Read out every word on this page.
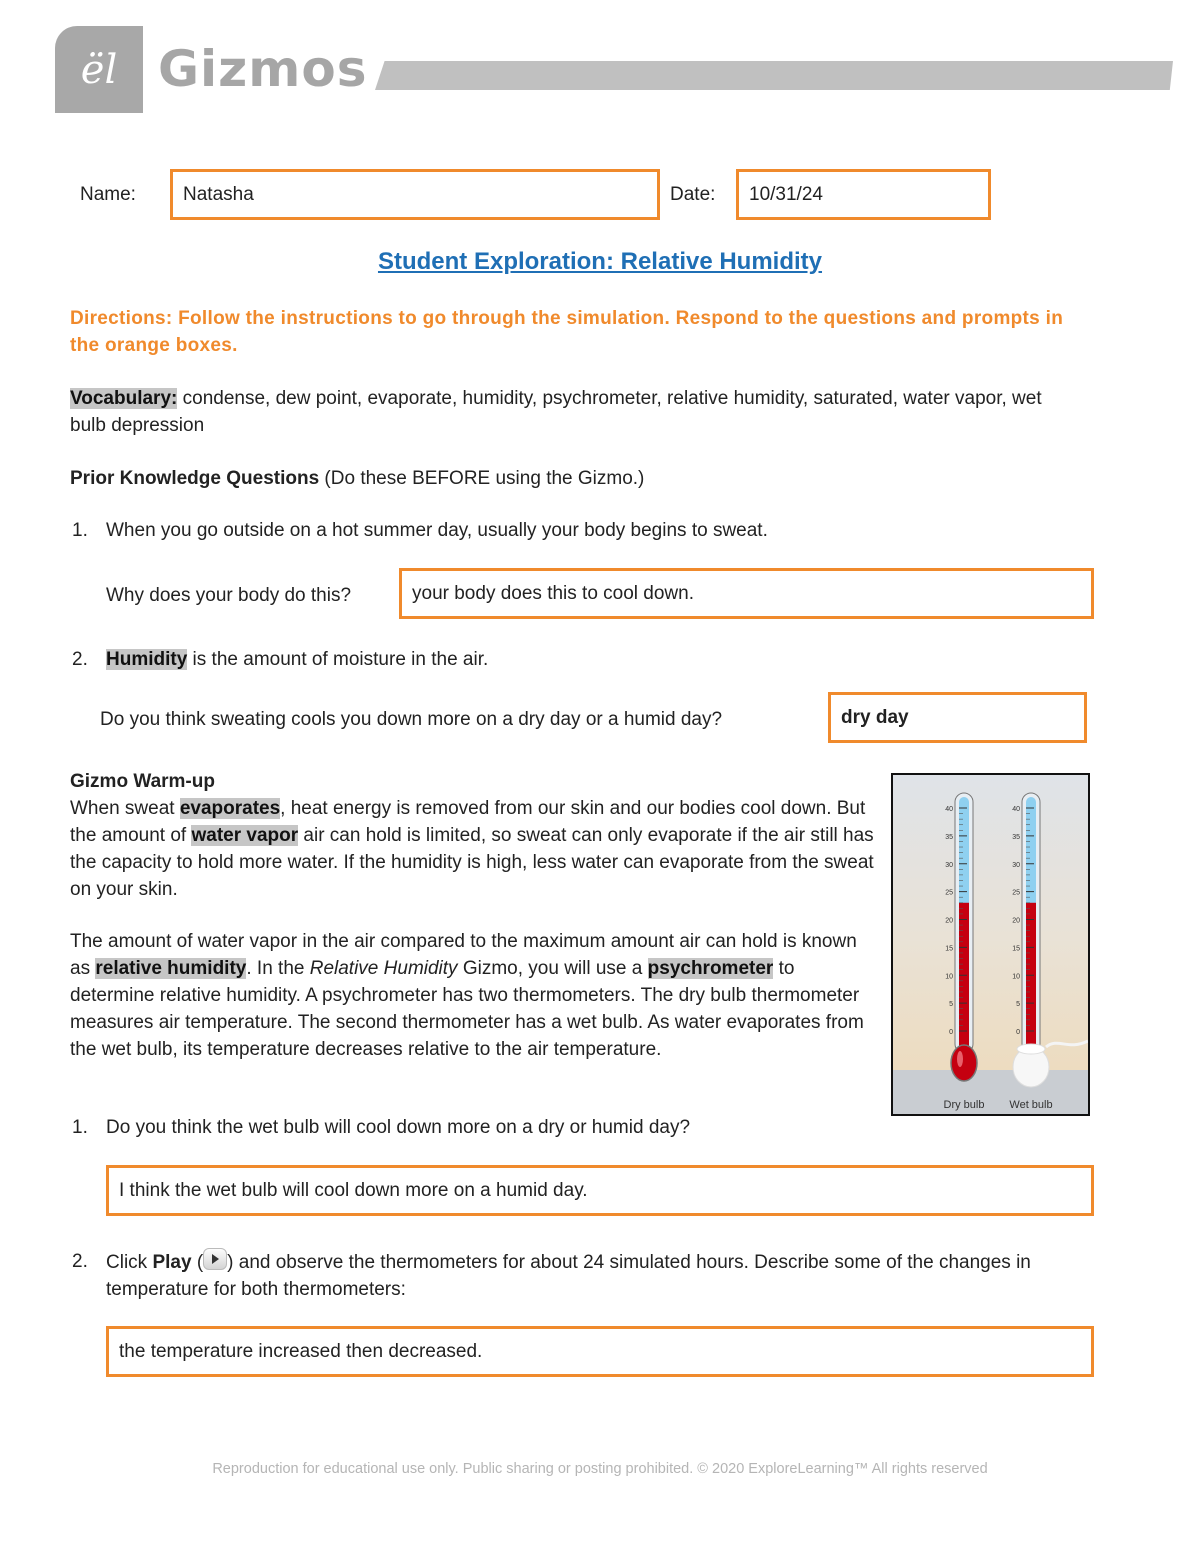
ël Gizmos
Name: Natasha	Date: 10/31/24
Student Exploration: Relative Humidity
Directions: Follow the instructions to go through the simulation. Respond to the questions and prompts in the orange boxes.
Vocabulary: condense, dew point, evaporate, humidity, psychrometer, relative humidity, saturated, water vapor, wet bulb depression
Prior Knowledge Questions (Do these BEFORE using the Gizmo.)
1. When you go outside on a hot summer day, usually your body begins to sweat.
Why does your body do this?	your body does this to cool down.
2. Humidity is the amount of moisture in the air.
Do you think sweating cools you down more on a dry day or a humid day?	dry day
Gizmo Warm-up
When sweat evaporates, heat energy is removed from our skin and our bodies cool down. But the amount of water vapor air can hold is limited, so sweat can only evaporate if the air still has the capacity to hold more water. If the humidity is high, less water can evaporate from the sweat on your skin.
The amount of water vapor in the air compared to the maximum amount air can hold is known as relative humidity. In the Relative Humidity Gizmo, you will use a psychrometer to determine relative humidity. A psychrometer has two thermometers. The dry bulb thermometer measures air temperature. The second thermometer has a wet bulb. As water evaporates from the wet bulb, its temperature decreases relative to the air temperature.
40
35
30
25
20
15
10
5
0
40
35
30
25
20
15
10
5
0
Dry bulb Wet bulb
1. Do you think the wet bulb will cool down more on a dry or humid day?
I think the wet bulb will cool down more on a humid day.
2. Click Play ( ) and observe the thermometers for about 24 simulated hours. Describe some of the changes in temperature for both thermometers:
the temperature increased then decreased.
Reproduction for educational use only. Public sharing or posting prohibited. © 2020 ExploreLearning™ All rights reserved
